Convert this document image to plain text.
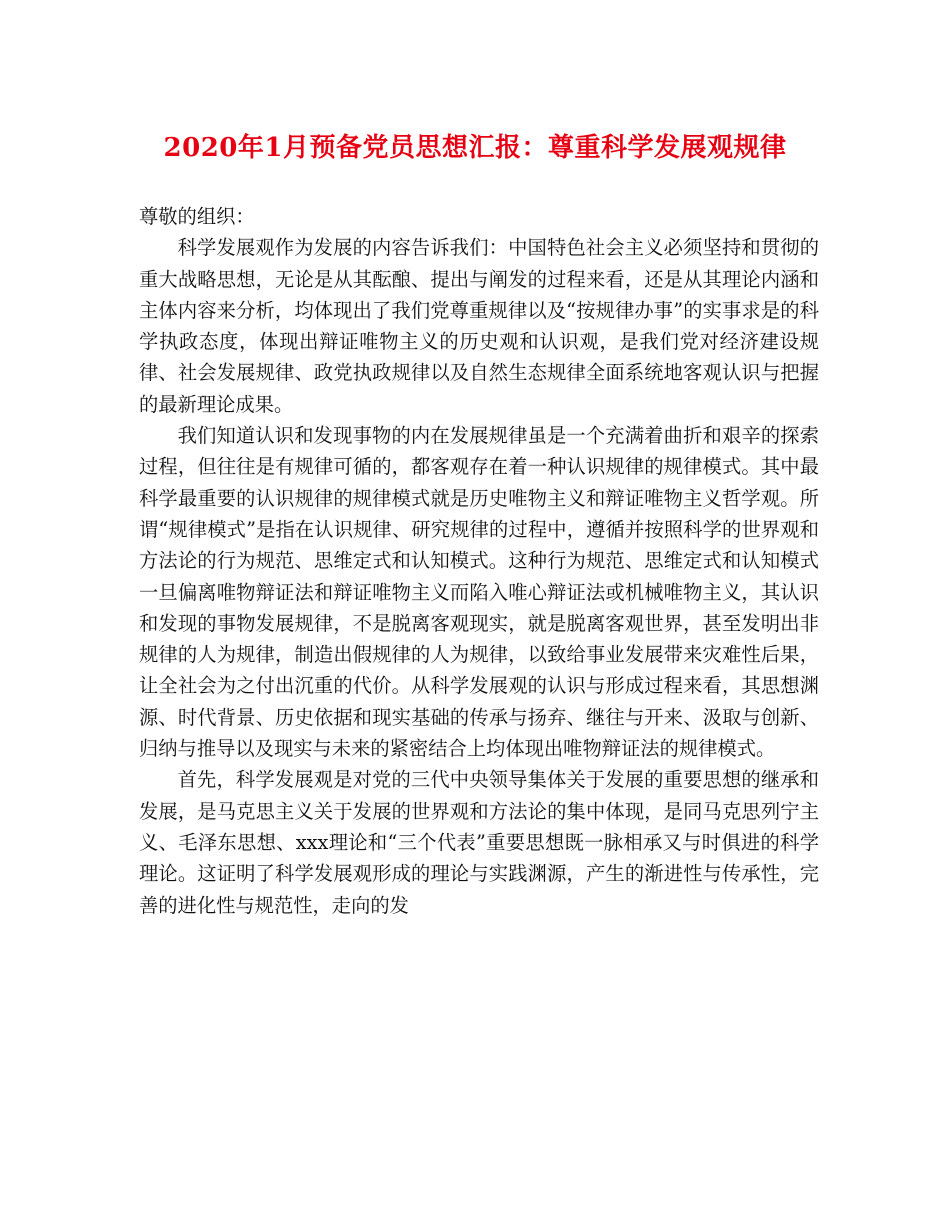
2020年1月预备党员思想汇报：尊重科学发展观规律

尊敬的组织：

科学发展观作为发展的内容告诉我们：中国特色社会主义必须坚持和贯彻的重大战略思想，无论是从其酝酿、提出与阐发的过程来看，还是从其理论内涵和主体内容来分析，均体现出了我们党尊重规律以及“按规律办事”的实事求是的科学执政态度，体现出辩证唯物主义的历史观和认识观，是我们党对经济建设规律、社会发展规律、政党执政规律以及自然生态规律全面系统地客观认识与把握的最新理论成果。

我们知道认识和发现事物的内在发展规律虽是一个充满着曲折和艰辛的探索过程，但往往是有规律可循的，都客观存在着一种认识规律的规律模式。其中最科学最重要的认识规律的规律模式就是历史唯物主义和辩证唯物主义哲学观。所谓“规律模式”是指在认识规律、研究规律的过程中，遵循并按照科学的世界观和方法论的行为规范、思维定式和认知模式。这种行为规范、思维定式和认知模式一旦偏离唯物辩证法和辩证唯物主义而陷入唯心辩证法或机械唯物主义，其认识和发现的事物发展规律，不是脱离客观现实，就是脱离客观世界，甚至发明出非规律的人为规律，制造出假规律的人为规律，以致给事业发展带来灾难性后果，让全社会为之付出沉重的代价。从科学发展观的认识与形成过程来看，其思想渊源、时代背景、历史依据和现实基础的传承与扬弃、继往与开来、汲取与创新、归纳与推导以及现实与未来的紧密结合上均体现出唯物辩证法的规律模式。

首先，科学发展观是对党的三代中央领导集体关于发展的重要思想的继承和发展，是马克思主义关于发展的世界观和方法论的集中体现，是同马克思列宁主义、毛泽东思想、xxx理论和“三个代表”重要思想既一脉相承又与时俱进的科学理论。这证明了科学发展观形成的理论与实践渊源，产生的渐进性与传承性，完善的进化性与规范性，走向的发
